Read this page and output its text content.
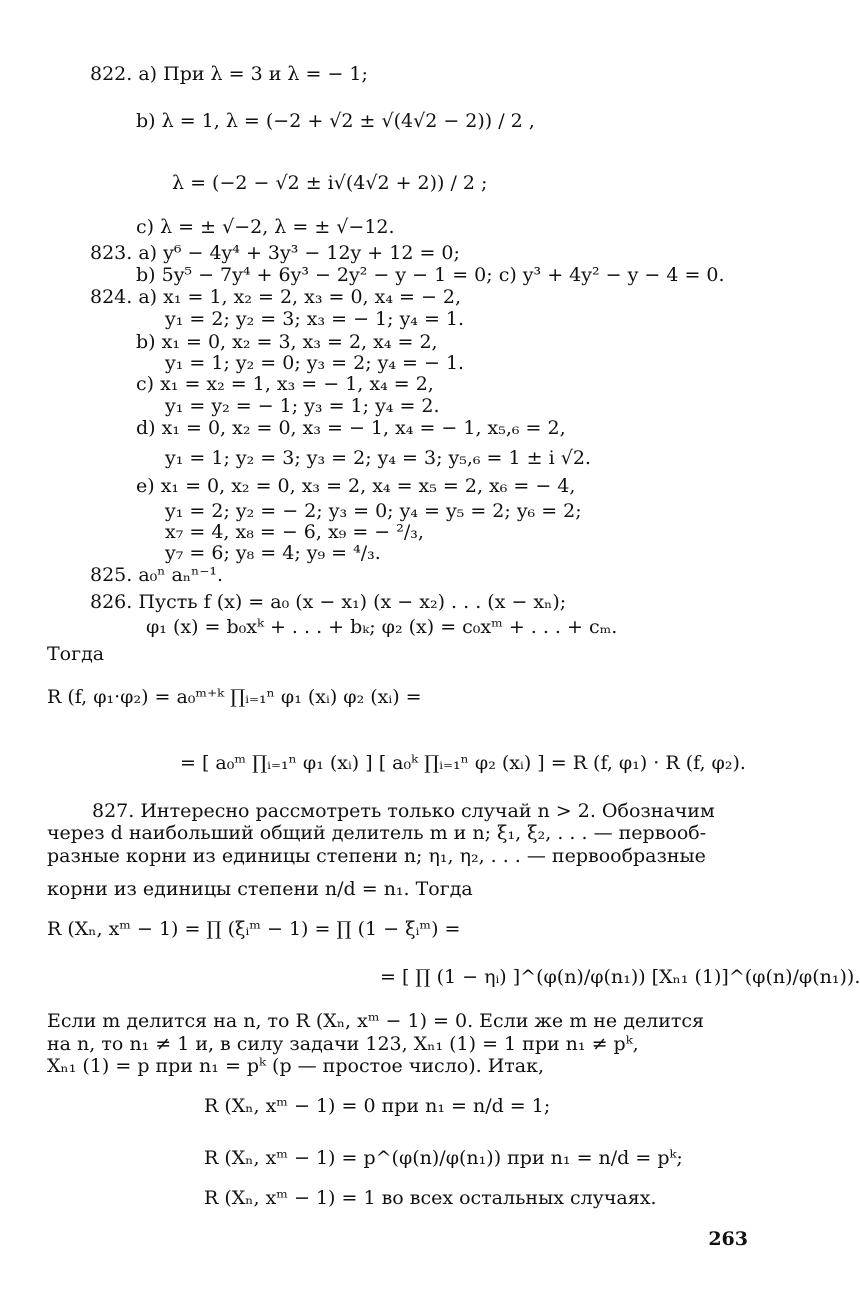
822. a) При λ = 3 и λ = − 1;
b) λ = 1, λ = (−2 + √2 ± √(4√2 − 2)) / 2 ,
λ = (−2 − √2 ± i√(4√2 + 2)) / 2 ;
c) λ = ± √−2, λ = ± √−12.
823. a) y⁶ − 4y⁴ + 3y³ − 12y + 12 = 0;
b) 5y⁵ − 7y⁴ + 6y³ − 2y² − y − 1 = 0; c) y³ + 4y² − y − 4 = 0.
824. a) x₁ = 1, x₂ = 2, x₃ = 0, x₄ = − 2,
y₁ = 2; y₂ = 3; x₃ = − 1; y₄ = 1.
b) x₁ = 0, x₂ = 3, x₃ = 2, x₄ = 2,
y₁ = 1; y₂ = 0; y₃ = 2; y₄ = − 1.
c) x₁ = x₂ = 1, x₃ = − 1, x₄ = 2,
y₁ = y₂ = − 1; y₃ = 1; y₄ = 2.
d) x₁ = 0, x₂ = 0, x₃ = − 1, x₄ = − 1, x₅,₆ = 2,
y₁ = 1; y₂ = 3; y₃ = 2; y₄ = 3; y₅,₆ = 1 ± i √2.
e) x₁ = 0, x₂ = 0, x₃ = 2, x₄ = x₅ = 2, x₆ = − 4,
y₁ = 2; y₂ = − 2; y₃ = 0; y₄ = y₅ = 2; y₆ = 2;
x₇ = 4, x₈ = − 6, x₉ = − ²/₃,
y₇ = 6; y₈ = 4; y₉ = ⁴/₃.
825. a₀ⁿ aₙⁿ⁻¹.
826. Пусть f (x) = a₀ (x − x₁) (x − x₂) . . . (x − xₙ);
φ₁ (x) = b₀xᵏ + . . . + bₖ; φ₂ (x) = c₀xᵐ + . . . + cₘ.
Тогда
R (f, φ₁·φ₂) = a₀ᵐ⁺ᵏ ∏ᵢ₌₁ⁿ φ₁ (xᵢ) φ₂ (xᵢ) =
= [ a₀ᵐ ∏ᵢ₌₁ⁿ φ₁ (xᵢ) ] [ a₀ᵏ ∏ᵢ₌₁ⁿ φ₂ (xᵢ) ] = R (f, φ₁) · R (f, φ₂).
827. Интересно рассмотреть только случай n > 2. Обозначим
через d наибольший общий делитель m и n; ξ₁, ξ₂, . . . — первооб-
разные корни из единицы степени n; η₁, η₂, . . . — первообразные
корни из единицы степени n/d = n₁. Тогда
R (Xₙ, xᵐ − 1) = ∏ (ξᵢᵐ − 1) = ∏ (1 − ξᵢᵐ) =
= [ ∏ (1 − ηᵢ) ]^(φ(n)/φ(n₁)) [Xₙ₁ (1)]^(φ(n)/φ(n₁)).
Если m делится на n, то R (Xₙ, xᵐ − 1) = 0. Если же m не делится
на n, то n₁ ≠ 1 и, в силу задачи 123, Xₙ₁ (1) = 1 при n₁ ≠ pᵏ,
Xₙ₁ (1) = p при n₁ = pᵏ (p — простое число). Итак,
R (Xₙ, xᵐ − 1) = 0 при n₁ = n/d = 1;
R (Xₙ, xᵐ − 1) = p^(φ(n)/φ(n₁)) при n₁ = n/d = pᵏ;
R (Xₙ, xᵐ − 1) = 1 во всех остальных случаях.
263
